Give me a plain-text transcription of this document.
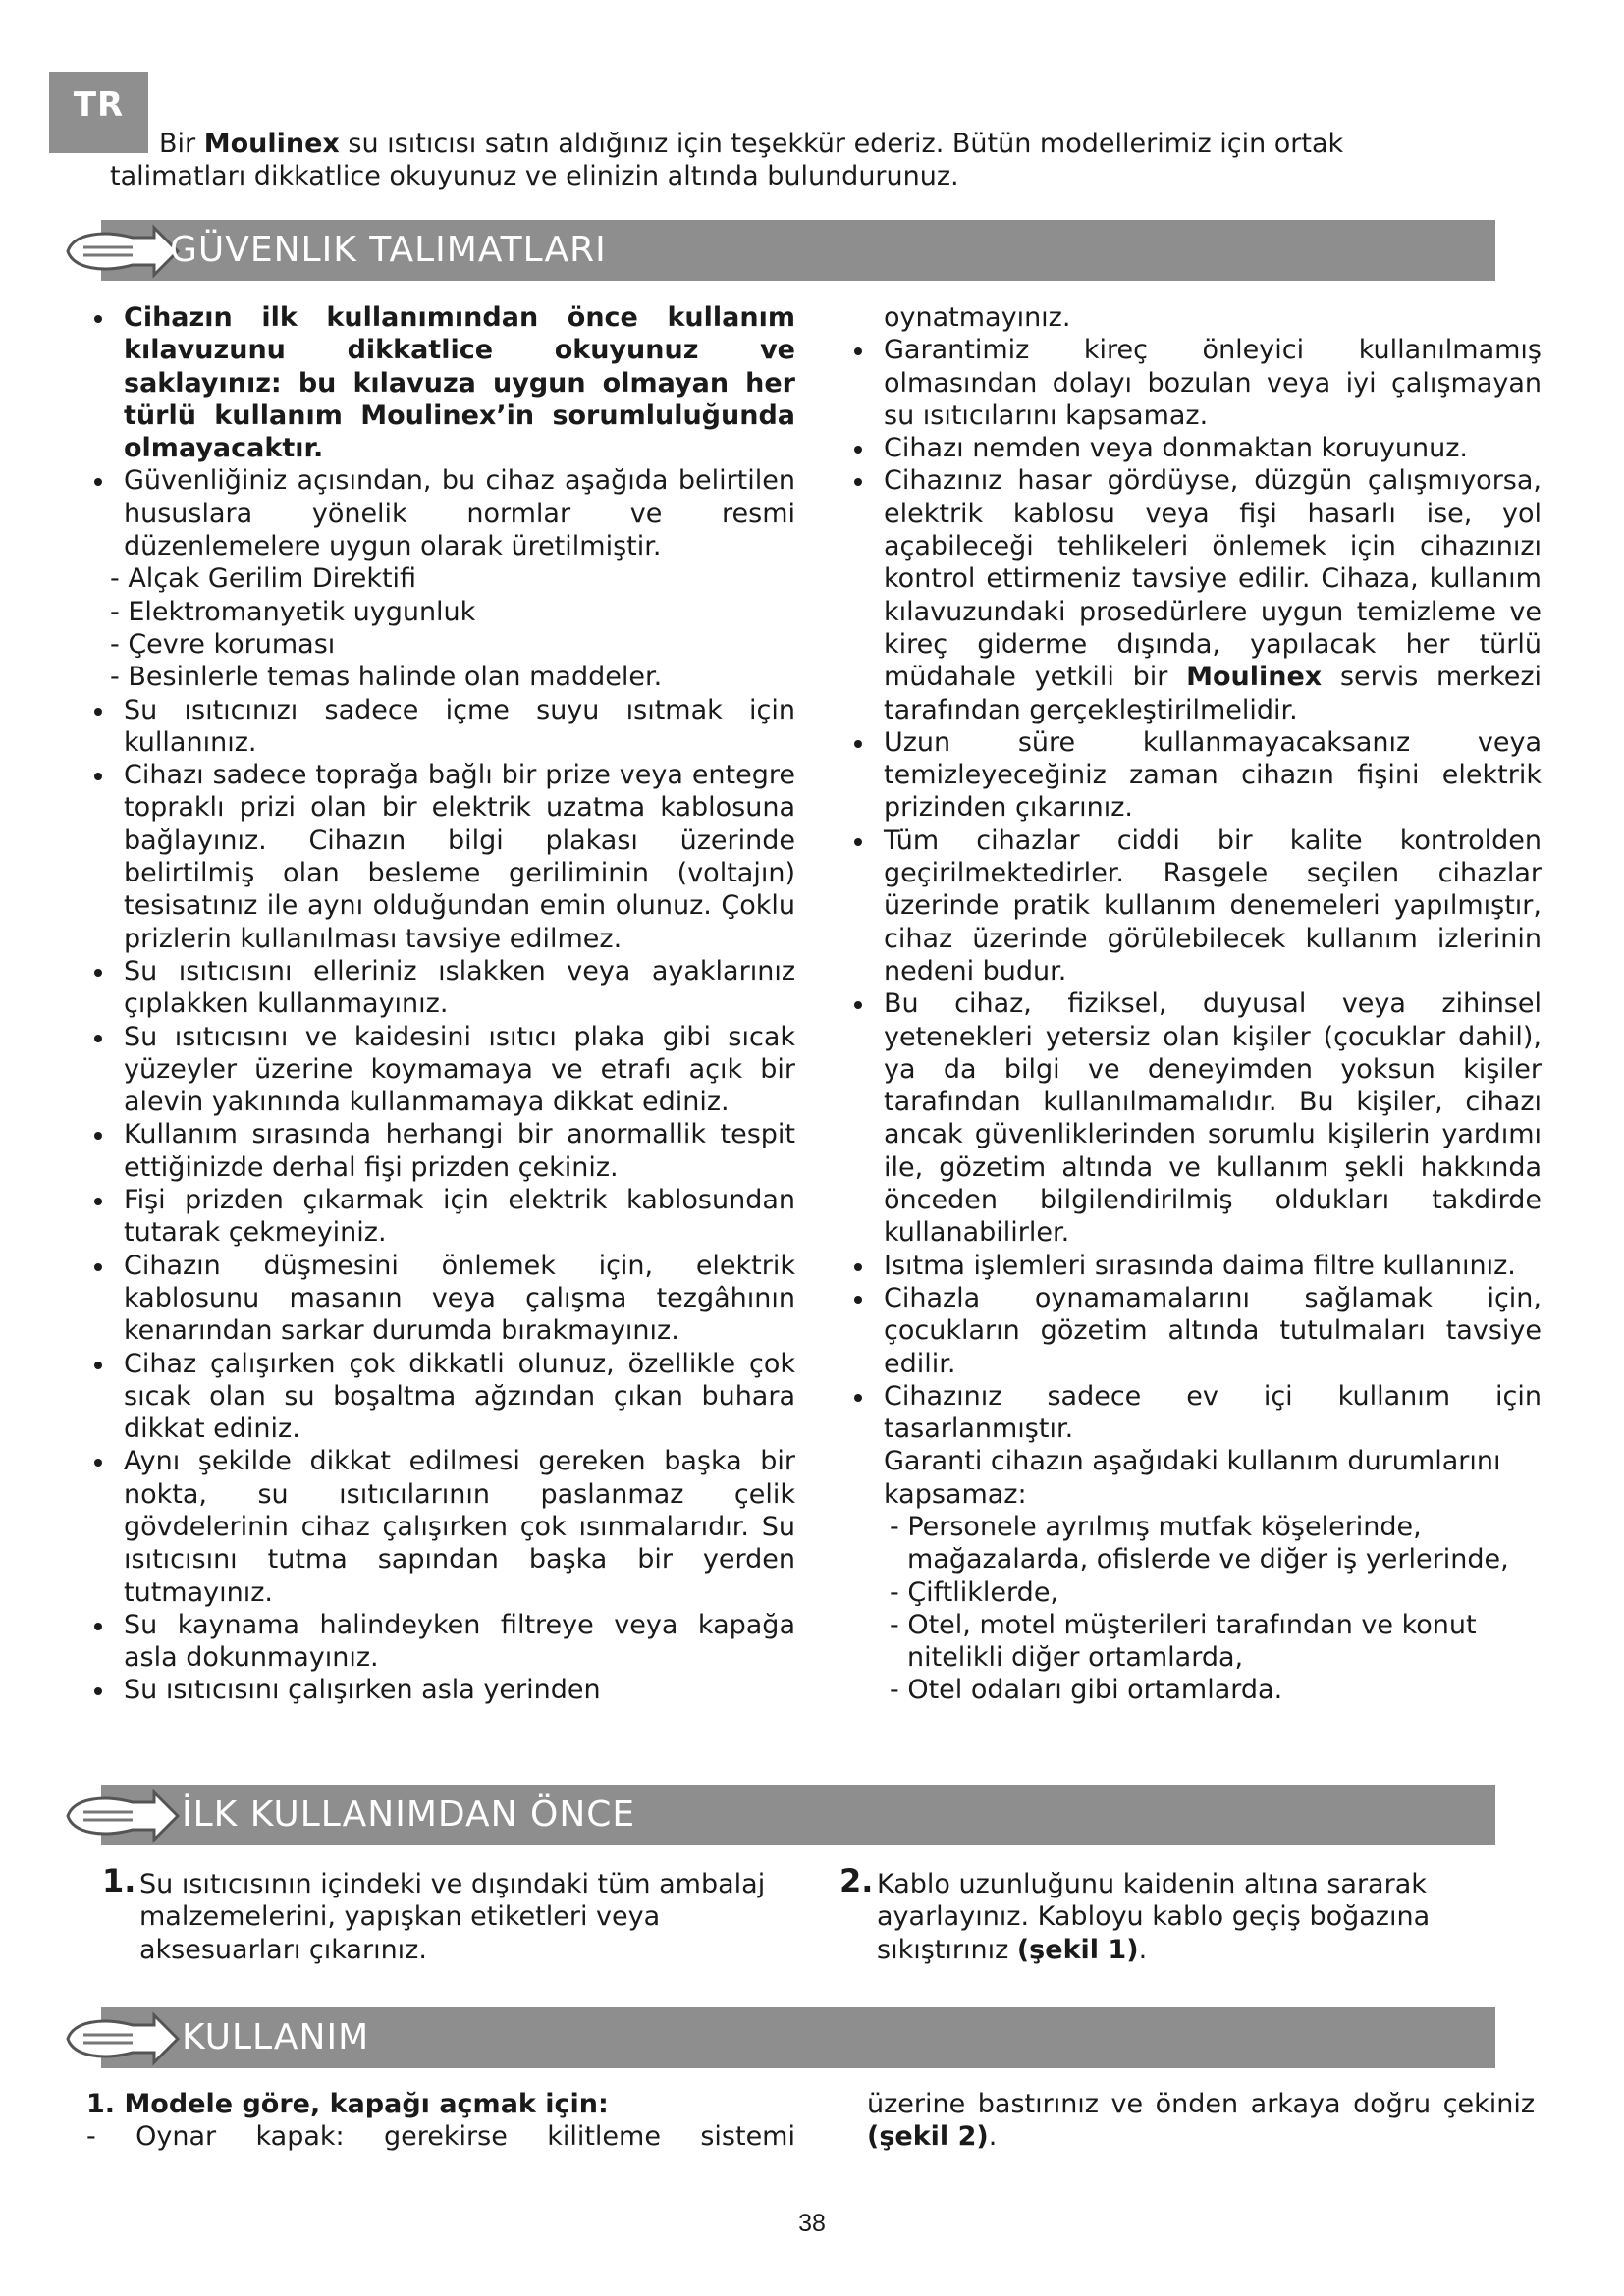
TR
Bir Moulinex su ısıtıcısı satın aldığınız için teşekkür ederiz. Bütün modellerimiz için ortak
talimatları dikkatlice okuyunuz ve elinizin altında bulundurunuz.
GÜVENLIK TALIMATLARI

Cihazın ilk kullanımından önce kullanım kılavuzunu dikkatlice okuyunuz ve saklayınız: bu kılavuza uygun olmayan her türlü kullanım Moulinex’in sorumluluğunda olmayacaktır.

Güvenliğiniz açısından, bu cihaz aşağıda belirtilen hususlara yönelik normlar ve resmi düzenlemelere uygun olarak üretilmiştir.

- Alçak Gerilim Direktifi

- Elektromanyetik uygunluk

- Çevre koruması

- Besinlerle temas halinde olan maddeler.

Su ısıtıcınızı sadece içme suyu ısıtmak için kullanınız.

Cihazı sadece toprağa bağlı bir prize veya entegre topraklı prizi olan bir elektrik uzatma kablosuna bağlayınız. Cihazın bilgi plakası üzerinde belirtilmiş olan besleme geriliminin (voltajın) tesisatınız ile aynı olduğundan emin olunuz. Çoklu prizlerin kullanılması tavsiye edilmez.

Su ısıtıcısını elleriniz ıslakken veya ayaklarınız çıplakken kullanmayınız.

Su ısıtıcısını ve kaidesini ısıtıcı plaka gibi sıcak yüzeyler üzerine koymamaya ve etrafı açık bir alevin yakınında kullanmamaya dikkat ediniz.

Kullanım sırasında herhangi bir anormallik tespit ettiğinizde derhal fişi prizden çekiniz.

Fişi prizden çıkarmak için elektrik kablosundan tutarak çekmeyiniz.

Cihazın düşmesini önlemek için, elektrik kablosunu masanın veya çalışma tezgâhının kenarından sarkar durumda bırakmayınız.

Cihaz çalışırken çok dikkatli olunuz, özellikle çok sıcak olan su boşaltma ağzından çıkan buhara dikkat ediniz.

Aynı şekilde dikkat edilmesi gereken başka bir nokta, su ısıtıcılarının paslanmaz çelik gövdelerinin cihaz çalışırken çok ısınmalarıdır. Su ısıtıcısını tutma sapından başka bir yerden tutmayınız.

Su kaynama halindeyken filtreye veya kapağa asla dokunmayınız.

Su ısıtıcısını çalışırken asla yerinden

oynatmayınız.

Garantimiz kireç önleyici kullanılmamış olmasından dolayı bozulan veya iyi çalışmayan su ısıtıcılarını kapsamaz.

Cihazı nemden veya donmaktan koruyunuz.

Cihazınız hasar gördüyse, düzgün çalışmıyorsa, elektrik kablosu veya fişi hasarlı ise, yol açabileceği tehlikeleri önlemek için cihazınızı kontrol ettirmeniz tavsiye edilir. Cihaza, kullanım kılavuzundaki prosedürlere uygun temizleme ve kireç giderme dışında, yapılacak her türlü müdahale yetkili bir Moulinex servis merkezi tarafından gerçekleştirilmelidir.

Uzun süre kullanmayacaksanız veya temizleyeceğiniz zaman cihazın fişini elektrik prizinden çıkarınız.

Tüm cihazlar ciddi bir kalite kontrolden geçirilmektedirler. Rasgele seçilen cihazlar üzerinde pratik kullanım denemeleri yapılmıştır, cihaz üzerinde görülebilecek kullanım izlerinin nedeni budur.

Bu cihaz, fiziksel, duyusal veya zihinsel yetenekleri yetersiz olan kişiler (çocuklar dahil), ya da bilgi ve deneyimden yoksun kişiler tarafından kullanılmamalıdır. Bu kişiler, cihazı ancak güvenliklerinden sorumlu kişilerin yardımı ile, gözetim altında ve kullanım şekli hakkında önceden bilgilendirilmiş oldukları takdirde kullanabilirler.

Isıtma işlemleri sırasında daima filtre kullanınız.

Cihazla oynamamalarını sağlamak için, çocukların gözetim altında tutulmaları tavsiye edilir.

Cihazınız sadece ev içi kullanım için tasarlanmıştır.

Garanti cihazın aşağıdaki kullanım durumlarını kapsamaz:

- Personele ayrılmış mutfak köşelerinde, mağazalarda, ofislerde ve diğer iş yerlerinde,

- Çiftliklerde,

- Otel, motel müşterileri tarafından ve konut nitelikli diğer ortamlarda,

- Otel odaları gibi ortamlarda.

İLK KULLANIMDAN ÖNCE
1. Su ısıtıcısının içindeki ve dışındaki tüm ambalaj malzemelerini, yapışkan etiketleri veya aksesuarları çıkarınız.
2. Kablo uzunluğunu kaidenin altına sararak ayarlayınız. Kabloyu kablo geçiş boğazına sıkıştırınız (şekil 1).
KULLANIM

1. Modele göre, kapağı açmak için:

- Oynar kapak: gerekirse kilitleme sistemi

üzerine bastırınız ve önden arkaya doğru çekiniz (şekil 2).

38
